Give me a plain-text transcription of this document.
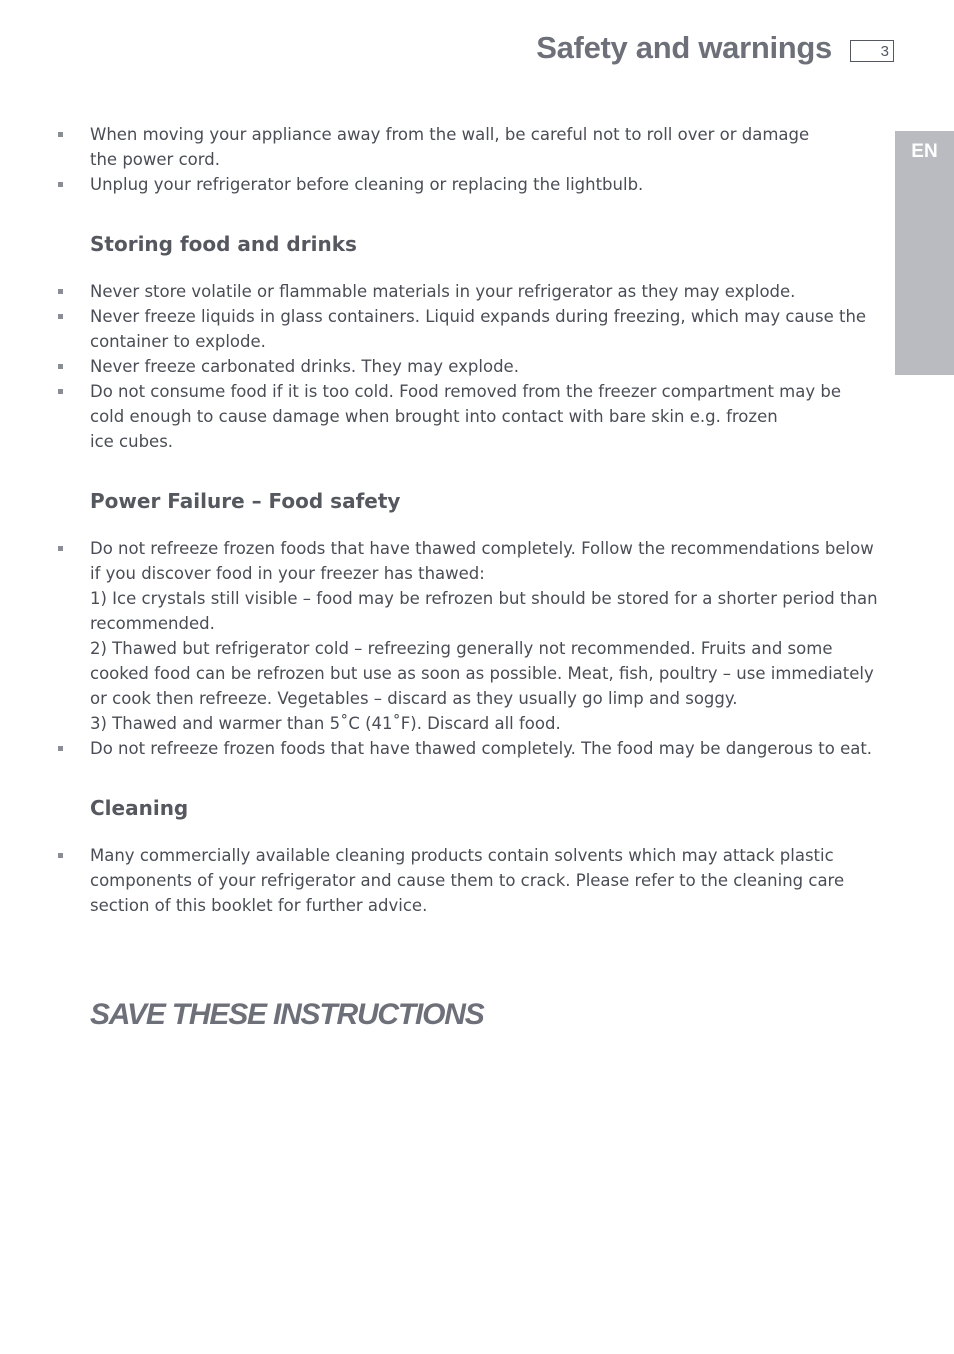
Safety and warnings	3
EN
When moving your appliance away from the wall, be careful not to roll over or damage
the power cord.
Unplug your refrigerator before cleaning or replacing the lightbulb.
Storing food and drinks
Never store volatile or flammable materials in your refrigerator as they may explode.
Never freeze liquids in glass containers. Liquid expands during freezing, which may cause the
container to explode.
Never freeze carbonated drinks. They may explode.
Do not consume food if it is too cold. Food removed from the freezer compartment may be
cold enough to cause damage when brought into contact with bare skin e.g. frozen
ice cubes.
Power Failure – Food safety
Do not refreeze frozen foods that have thawed completely. Follow the recommendations below
if you discover food in your freezer has thawed:
1) Ice crystals still visible – food may be refrozen but should be stored for a shorter period than
recommended.
2) Thawed but refrigerator cold – refreezing generally not recommended. Fruits and some
cooked food can be refrozen but use as soon as possible. Meat, fish, poultry – use immediately
or cook then refreeze. Vegetables – discard as they usually go limp and soggy.
3) Thawed and warmer than 5˚C (41˚F). Discard all food.
Do not refreeze frozen foods that have thawed completely. The food may be dangerous to eat.
Cleaning
Many commercially available cleaning products contain solvents which may attack plastic
components of your refrigerator and cause them to crack. Please refer to the cleaning care
section of this booklet for further advice.
SAVE THESE INSTRUCTIONS
